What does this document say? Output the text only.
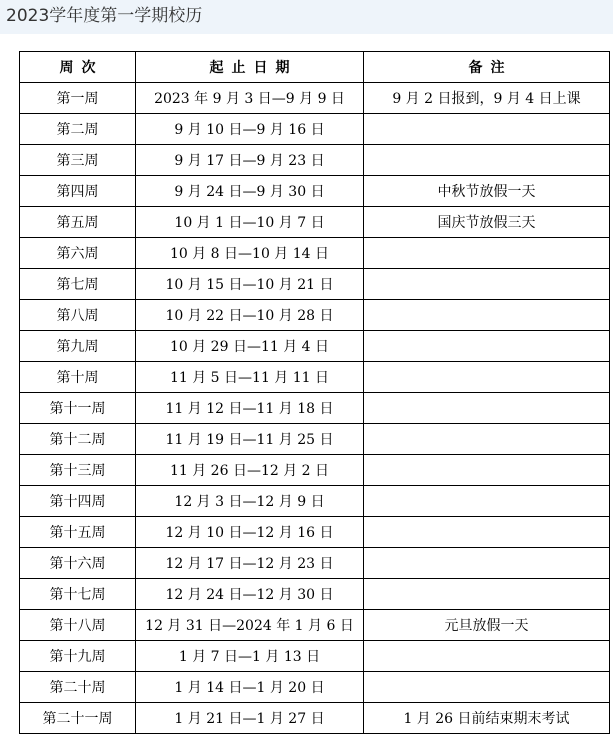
2023学年度第一学期校历
周次	起止日期	备注
第一周	2023 年 9 月 3 日—9 月 9 日	9 月 2 日报到，9 月 4 日上课
第二周	9 月 10 日—9 月 16 日	
第三周	9 月 17 日—9 月 23 日	
第四周	9 月 24 日—9 月 30 日	中秋节放假一天
第五周	10 月 1 日—10 月 7 日	国庆节放假三天
第六周	10 月 8 日—10 月 14 日	
第七周	10 月 15 日—10 月 21 日	
第八周	10 月 22 日—10 月 28 日	
第九周	10 月 29 日—11 月 4 日	
第十周	11 月 5 日—11 月 11 日	
第十一周	11 月 12 日—11 月 18 日	
第十二周	11 月 19 日—11 月 25 日	
第十三周	11 月 26 日—12 月 2 日	
第十四周	12 月 3 日—12 月 9 日	
第十五周	12 月 10 日—12 月 16 日	
第十六周	12 月 17 日—12 月 23 日	
第十七周	12 月 24 日—12 月 30 日	
第十八周	12 月 31 日—2024 年 1 月 6 日	元旦放假一天
第十九周	1 月 7 日—1 月 13 日	
第二十周	1 月 14 日—1 月 20 日	
第二十一周	1 月 21 日—1 月 27 日	1 月 26 日前结束期末考试
